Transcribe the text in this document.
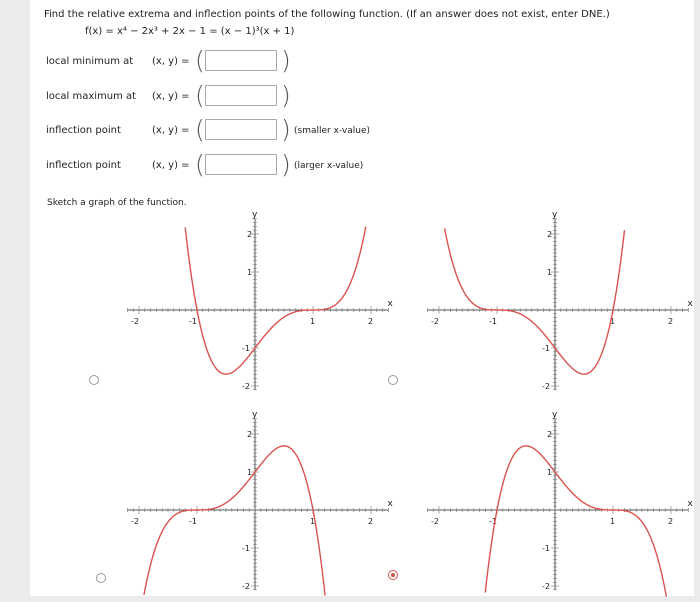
Find the relative extrema and inflection points of the following function. (If an answer does not exist, enter DNE.)
f(x) = x⁴ − 2x³ + 2x − 1 = (x − 1)³(x + 1)
local minimum at (x, y) = (	)
local maximum at (x, y) = (	)
inflection point	(x, y) = (	) (smaller x-value)
inflection point	(x, y) = (	) (larger x-value)
Sketch a graph of the function.
x
y
-2	-1	1	2
2
1
-1
-2
x
y
-2	-1	1	2
2
1
-1
-2
x
y
-2	-1	1	2
2
1
-1
-2
x
y
-2	-1	1	2
2
1
-1
-2
